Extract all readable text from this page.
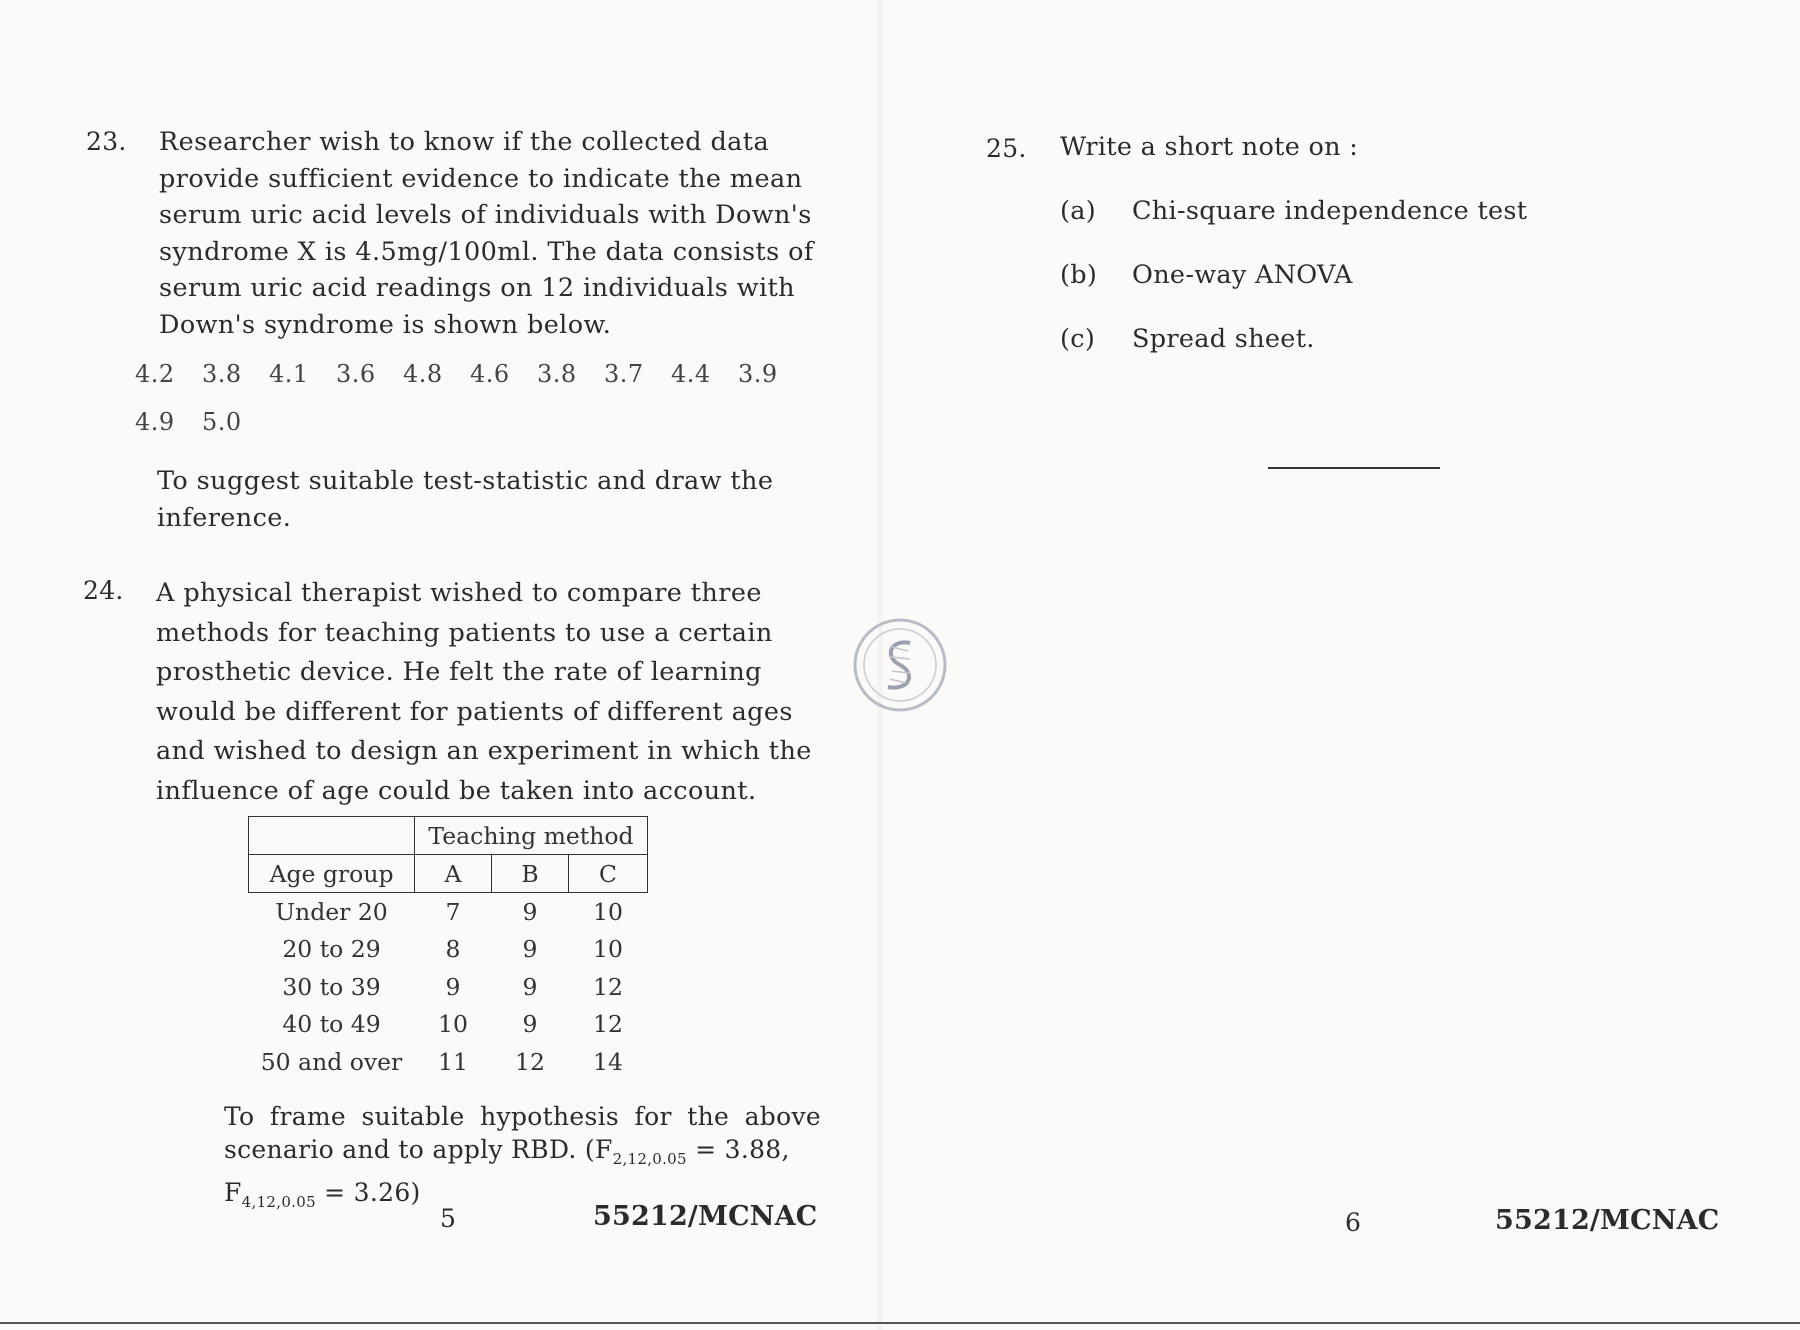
23. Researcher wish to know if the collected data
provide sufficient evidence to indicate the mean
serum uric acid levels of individuals with Down's
syndrome X is 4.5mg/100ml. The data consists of
serum uric acid readings on 12 individuals with
Down's syndrome is shown below.
4.2 3.8 4.1 3.6 4.8 4.6 3.8 3.7 4.4 3.9
4.9 5.0
To suggest suitable test-statistic and draw the
inference.
24. A physical therapist wished to compare three
methods for teaching patients to use a certain
prosthetic device. He felt the rate of learning
would be different for patients of different ages
and wished to design an experiment in which the
influence of age could be taken into account.
	Teaching method		
Age group	A	B	C
Under 20	7	9	10
20 to 29	8	9	10
30 to 39	9	9	12
40 to 49	10	9	12
50 and over	11	12	14
To frame suitable hypothesis for the above
scenario and to apply RBD. ($F_{2,12,0.05} = 3.88$,
$F_{4,12,0.05} = 3.26$)
5	55212/MCNAC
25. Write a short note on :
(a) Chi-square independence test
(b) One-way ANOVA
(c) Spread sheet.
6	55212/MCNAC
